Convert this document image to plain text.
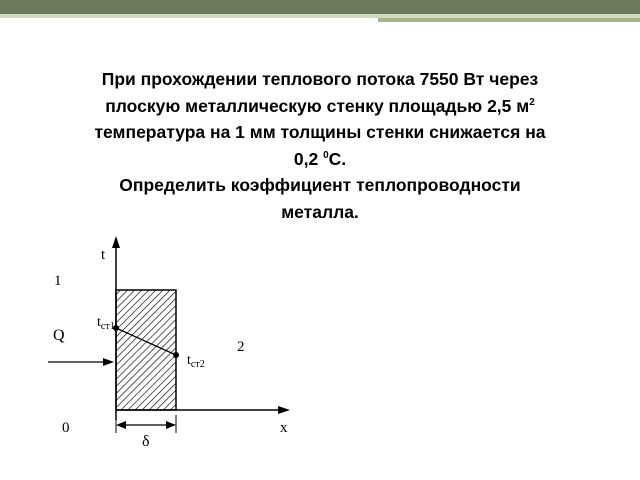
При прохождении теплового потока 7550 Вт через
плоскую металлическую стенку площадью 2,5 $м^2$
температура на 1 мм толщины стенки снижается на
0,2 $^0$С.
Определить коэффициент теплопроводности
металла.
t
x
1
2
Q
0
δ
$t_{ст1}$
$t_{ст2}$
